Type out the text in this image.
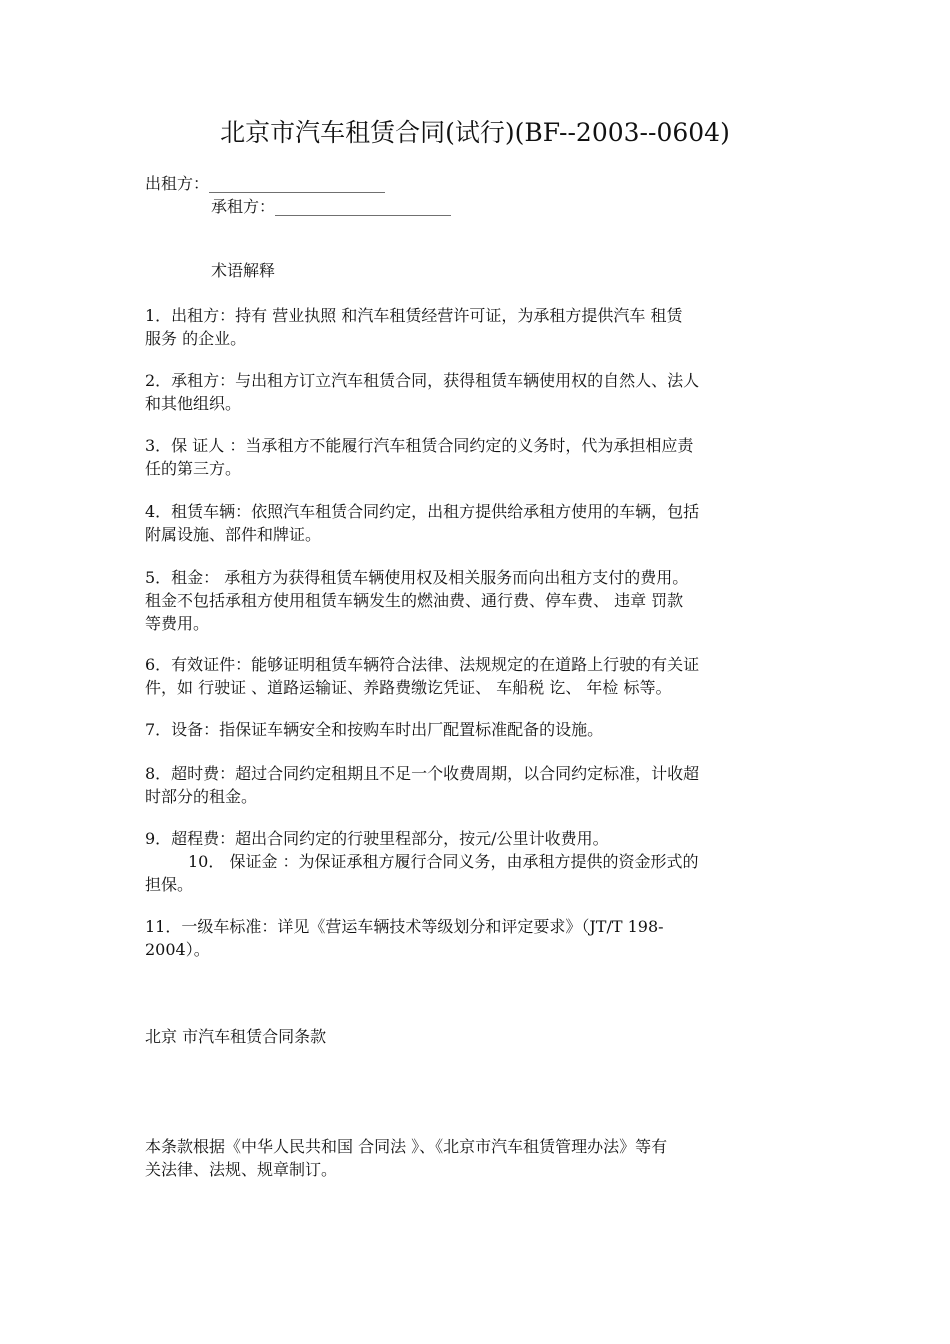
北京市汽车租赁合同(试行)(BF--2003--0604)
出租方：______________________
承租方：______________________
术语解释
1．出租方：持有 营业执照 和汽车租赁经营许可证，为承租方提供汽车 租赁
服务 的企业。
2．承租方：与出租方订立汽车租赁合同，获得租赁车辆使用权的自然人、法人
和其他组织。
3．保 证人 ：当承租方不能履行汽车租赁合同约定的义务时，代为承担相应责
任的第三方。
4．租赁车辆：依照汽车租赁合同约定，出租方提供给承租方使用的车辆，包括
附属设施、部件和牌证。
5．租金： 承租方为获得租赁车辆使用权及相关服务而向出租方支付的费用。
租金不包括承租方使用租赁车辆发生的燃油费、通行费、停车费、 违章 罚款
等费用。
6．有效证件：能够证明租赁车辆符合法律、法规规定的在道路上行驶的有关证
件，如 行驶证 、道路运输证、养路费缴讫凭证、 车船税 讫、 年检 标等。
7．设备：指保证车辆安全和按购车时出厂配置标准配备的设施。
8．超时费：超过合同约定租期且不足一个收费周期，以合同约定标准，计收超
时部分的租金。
9．超程费：超出合同约定的行驶里程部分，按元/公里计收费用。
10． 保证金 ：为保证承租方履行合同义务，由承租方提供的资金形式的
担保。
11．一级车标准：详见《营运车辆技术等级划分和评定要求》（JT/T 198-
2004）。
北京 市汽车租赁合同条款
本条款根据《中华人民共和国 合同法 》、《北京市汽车租赁管理办法》等有
关法律、法规、规章制订。
